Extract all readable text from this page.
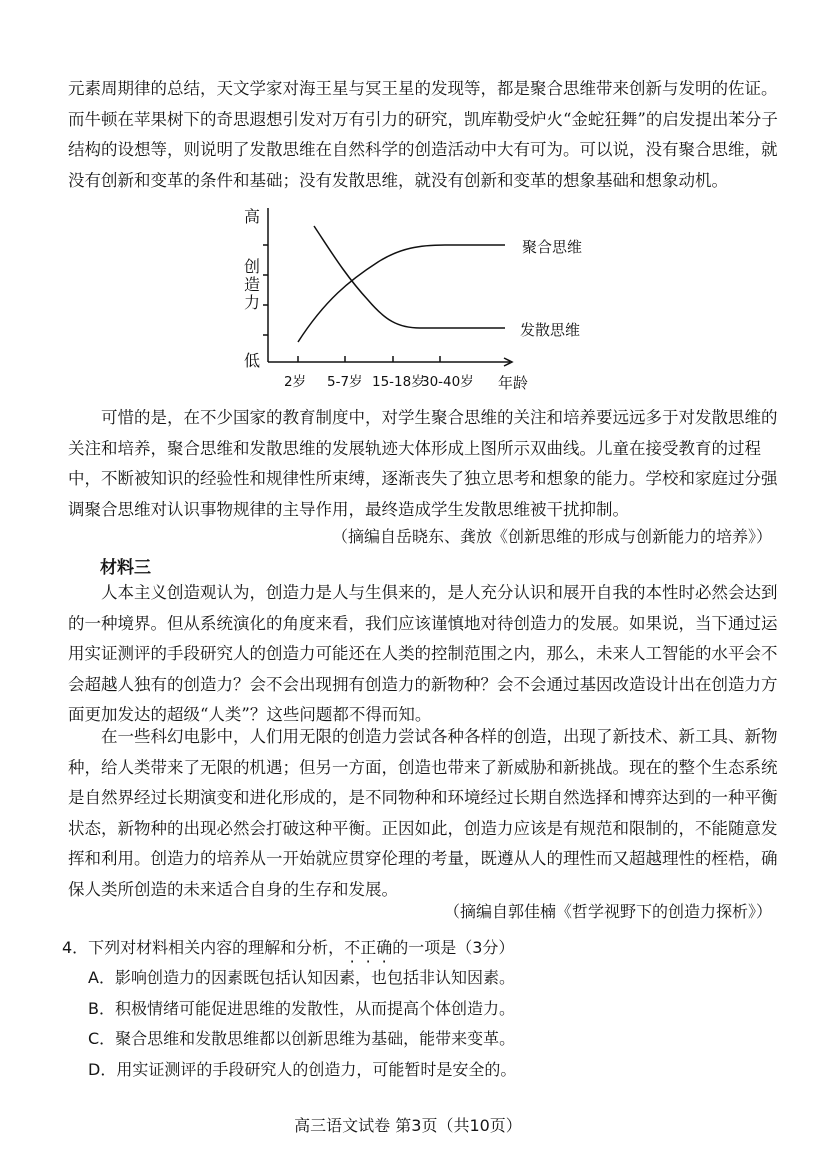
元素周期律的总结，天文学家对海王星与冥王星的发现等，都是聚合思维带来创新与发明的佐证。而牛顿在苹果树下的奇思遐想引发对万有引力的研究，凯库勒受炉火“金蛇狂舞”的启发提出苯分子结构的设想等，则说明了发散思维在自然科学的创造活动中大有可为。可以说，没有聚合思维，就没有创新和变革的条件和基础；没有发散思维，就没有创新和变革的想象基础和想象动机。

高
创
造
力
低
2岁 5-7岁 15-18岁
30-40岁 年龄
聚合思维
发散思维

可惜的是，在不少国家的教育制度中，对学生聚合思维的关注和培养要远远多于对发散思维的关注和培养，聚合思维和发散思维的发展轨迹大体形成上图所示双曲线。儿童在接受教育的过程中，不断被知识的经验性和规律性所束缚，逐渐丧失了独立思考和想象的能力。学校和家庭过分强调聚合思维对认识事物规律的主导作用，最终造成学生发散思维被干扰抑制。

（摘编自岳晓东、龚放《创新思维的形成与创新能力的培养》）
材料三

人本主义创造观认为，创造力是人与生俱来的，是人充分认识和展开自我的本性时必然会达到的一种境界。但从系统演化的角度来看，我们应该谨慎地对待创造力的发展。如果说，当下通过运用实证测评的手段研究人的创造力可能还在人类的控制范围之内，那么，未来人工智能的水平会不会超越人独有的创造力？会不会出现拥有创造力的新物种？会不会通过基因改造设计出在创造力方面更加发达的超级“人类”？这些问题都不得而知。

在一些科幻电影中，人们用无限的创造力尝试各种各样的创造，出现了新技术、新工具、新物种，给人类带来了无限的机遇；但另一方面，创造也带来了新威胁和新挑战。现在的整个生态系统是自然界经过长期演变和进化形成的，是不同物种和环境经过长期自然选择和博弈达到的一种平衡状态，新物种的出现必然会打破这种平衡。正因如此，创造力应该是有规范和限制的，不能随意发挥和利用。创造力的培养从一开始就应贯穿伦理的考量，既遵从人的理性而又超越理性的桎梏，确保人类所创造的未来适合自身的生存和发展。

（摘编自郭佳楠《哲学视野下的创造力探析》）
4．下列对材料相关内容的理解和分析，不正确的一项是（3分）
A．影响创造力的因素既包括认知因素，也包括非认知因素。
B．积极情绪可能促进思维的发散性，从而提高个体创造力。
C．聚合思维和发散思维都以创新思维为基础，能带来变革。
D．用实证测评的手段研究人的创造力，可能暂时是安全的。
高三语文试卷 第3页（共10页）
